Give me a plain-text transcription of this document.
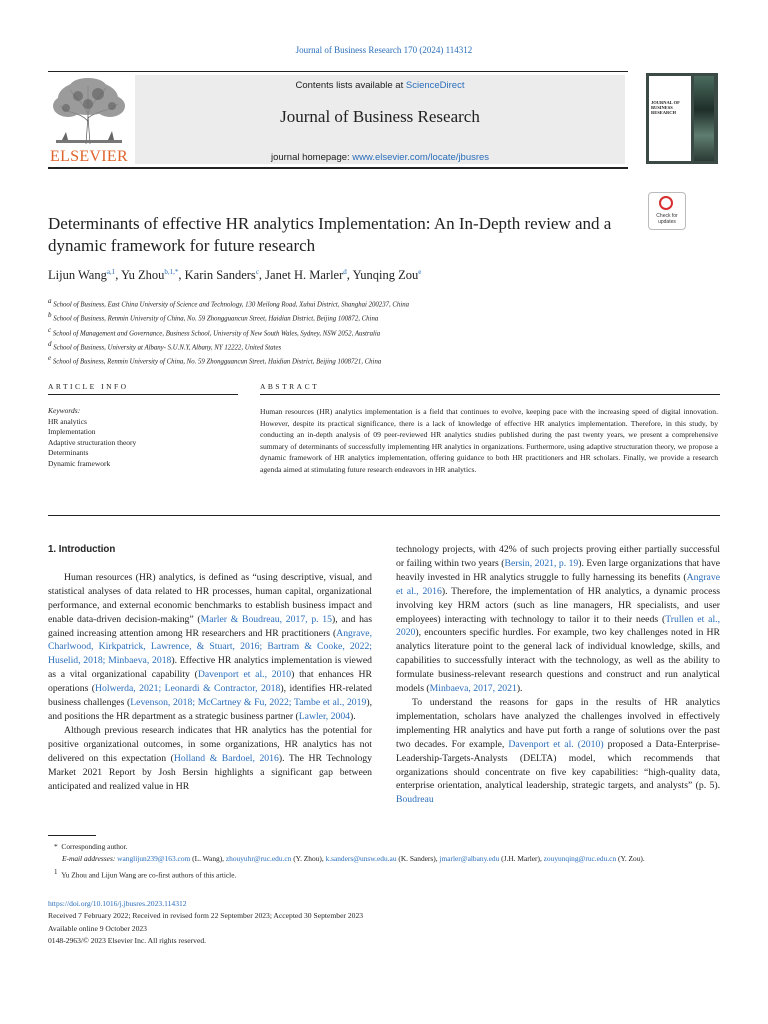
Journal of Business Research 170 (2024) 114312
ELSEVIER
Contents lists available at ScienceDirect
Journal of Business Research
journal homepage: www.elsevier.com/locate/jbusres
JOURNAL OF
BUSINESS
RESEARCH
Determinants of effective HR analytics Implementation: An In-Depth review and a dynamic framework for future research
Check for updates
Lijun Wang$^{a,1}$, Yu Zhou$^{b,1,*}$, Karin Sanders$^c$, Janet H. Marler$^d$, Yunqing Zou$^e$
$^a$ School of Business, East China University of Science and Technology, 130 Meilong Road, Xuhui District, Shanghai 200237, China
$^b$ School of Business, Renmin University of China, No. 59 Zhongguancun Street, Haidian District, Beijing 100872, China
$^c$ School of Management and Governance, Business School, University of New South Wales, Sydney, NSW 2052, Australia
$^d$ School of Business, University at Albany- S.U.N.Y, Albany, NY 12222, United States
$^e$ School of Business, Renmin University of China, No. 59 Zhongguancun Street, Haidian District, Beijing 1008721, China
ARTICLE INFO	ABSTRACT
Keywords:
HR analytics
Implementation
Adaptive structuration theory
Determinants
Dynamic framework
Human resources (HR) analytics implementation is a field that continues to evolve, keeping pace with the increasing speed of digital innovation. However, despite its practical significance, there is a lack of knowledge of effective HR analytics implementation. Therefore, in this study, by conducting an in-depth analysis of 09 peer-reviewed HR analytics studies published during the past twenty years, we present a comprehensive summary of determinants of successfully implementing HR analytics in organizations. Furthermore, using adaptive structuration theory, we propose a dynamic framework of HR analytics implementation, offering guidance to both HR practitioners and HR scholars. Finally, we provide a research agenda aimed at stimulating future research endeavors in HR analytics.
1. Introduction

Human resources (HR) analytics, is defined as “using descriptive, visual, and statistical analyses of data related to HR processes, human capital, organizational performance, and external economic benchmarks to establish business impact and enable data-driven decision-making” (Marler & Boudreau, 2017, p. 15), and has gained increasing attention among HR researchers and HR practitioners (Angrave, Charlwood, Kirkpatrick, Lawrence, & Stuart, 2016; Bartram & Cooke, 2022; Huselid, 2018; Minbaeva, 2018). Effective HR analytics implementation is viewed as a vital organizational capability (Davenport et al., 2010) that enhances HR operations (Holwerda, 2021; Leonardi & Contractor, 2018), identifies HR-related business challenges (Levenson, 2018; McCartney & Fu, 2022; Tambe et al., 2019), and positions the HR department as a strategic business partner (Lawler, 2004).

Although previous research indicates that HR analytics has the potential for positive organizational outcomes, in some organizations, HR analytics has not delivered on this expectation (Holland & Bardoel, 2016). The HR Technology Market 2021 Report by Josh Bersin highlights a significant gap between anticipated and realized value in HR

technology projects, with 42% of such projects proving either partially successful or failing within two years (Bersin, 2021, p. 19). Even large organizations that have heavily invested in HR analytics struggle to fully harnessing its benefits (Angrave et al., 2016). Therefore, the implementation of HR analytics, a dynamic process involving key HRM actors (such as line managers, HR specialists, and user employees) interacting with technology to tailor it to their needs (Trullen et al., 2020), encounters specific hurdles. For example, two key challenges noted in HR analytics literature point to the general lack of individual knowledge, skills, and capabilities to successfully interact with the technology, as well as the ability to formulate business-relevant research questions and construct and run analytical models (Minbaeva, 2017, 2021).

To understand the reasons for gaps in the results of HR analytics implementation, scholars have analyzed the challenges involved in effectively implementing HR analytics and have put forth a range of solutions over the past two decades. For example, Davenport et al. (2010) proposed a Data-Enterprise-Leadership-Targets-Analysts (DELTA) model, which recommends that organizations should concentrate on five key capabilities: “high-quality data, enterprise orientation, analytical leadership, strategic targets, and analysts” (p. 5). Boudreau

*  Corresponding author.
E-mail addresses: wanglijun239@163.com (L. Wang), zhouyuhr@ruc.edu.cn (Y. Zhou), k.sanders@unsw.edu.au (K. Sanders), jmarler@albany.edu (J.H. Marler), zouyunqing@ruc.edu.cn (Y. Zou).
$^1$ Yu Zhou and Lijun Wang are co-first authors of this article.
https://doi.org/10.1016/j.jbusres.2023.114312
Received 7 February 2022; Received in revised form 22 September 2023; Accepted 30 September 2023
Available online 9 October 2023
0148-2963/© 2023 Elsevier Inc. All rights reserved.
